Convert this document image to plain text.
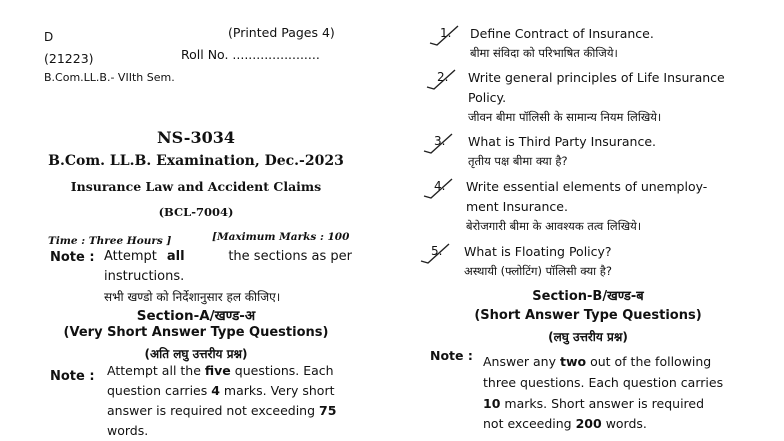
D	(Printed Pages 4)
(21223)	Roll No. ......................
B.Com.LL.B.- VIIth Sem.
NS-3034
B.Com. LL.B. Examination, Dec.-2023
Insurance Law and Accident Claims
(BCL-7004)
Time : Three Hours ]	[Maximum Marks : 100
Note : Attempt all	the sections as per
instructions.
सभी खण्डो को निर्देशानुसार हल कीजिए।
Section-A/खण्ड-अ
(Very Short Answer Type Questions)
(अति लघु उत्तरीय प्रश्न)
Note : Attempt all the five questions. Each
question carries 4 marks. Very short
answer is required not exceeding 75
words.
1. Define Contract of Insurance.
बीमा संविदा को परिभाषित कीजिये।
2. Write general principles of Life Insurance
Policy.
जीवन बीमा पॉलिसी के सामान्य नियम लिखिये।
3. What is Third Party Insurance.
तृतीय पक्ष बीमा क्या है?
4. Write essential elements of unemploy-
ment Insurance.
बेरोजगारी बीमा के आवश्यक तत्व लिखिये।
5. What is Floating Policy?
अस्थायी (फ्लोटिंग) पॉलिसी क्या है?
Section-B/खण्ड-ब
(Short Answer Type Questions)
(लघु उत्तरीय प्रश्न)
Note : Answer any two out of the following
three questions. Each question carries
10 marks. Short answer is required
not exceeding 200 words.
